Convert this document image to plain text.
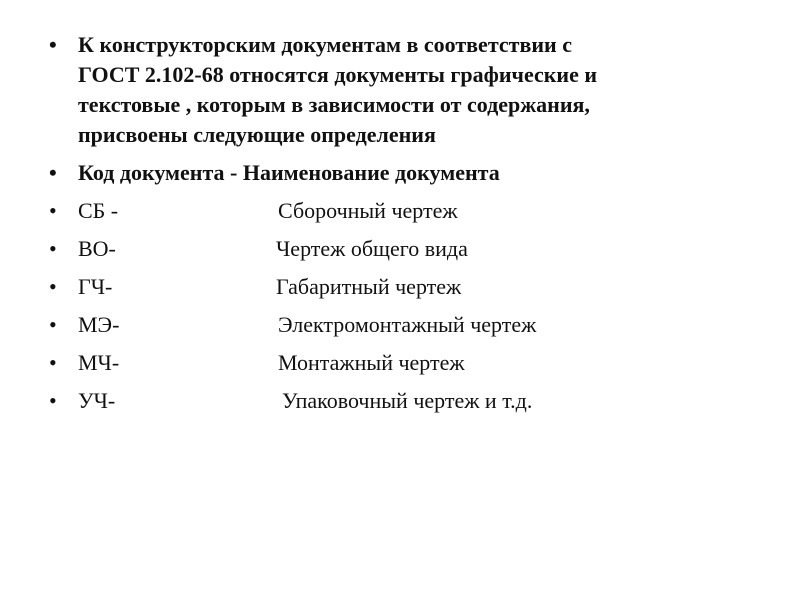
• К конструкторским документам в соответствии с
ГОСТ 2.102-68 относятся документы графические и
текстовые , которым в зависимости от содержания,
присвоены следующие определения
• Код документа - Наименование документа
• СБ -	Сборочный чертеж
• ВО-	Чертеж общего вида
• ГЧ-	Габаритный чертеж
• МЭ-	Электромонтажный чертеж
• МЧ-	Монтажный чертеж
• УЧ-	Упаковочный чертеж и т.д.
